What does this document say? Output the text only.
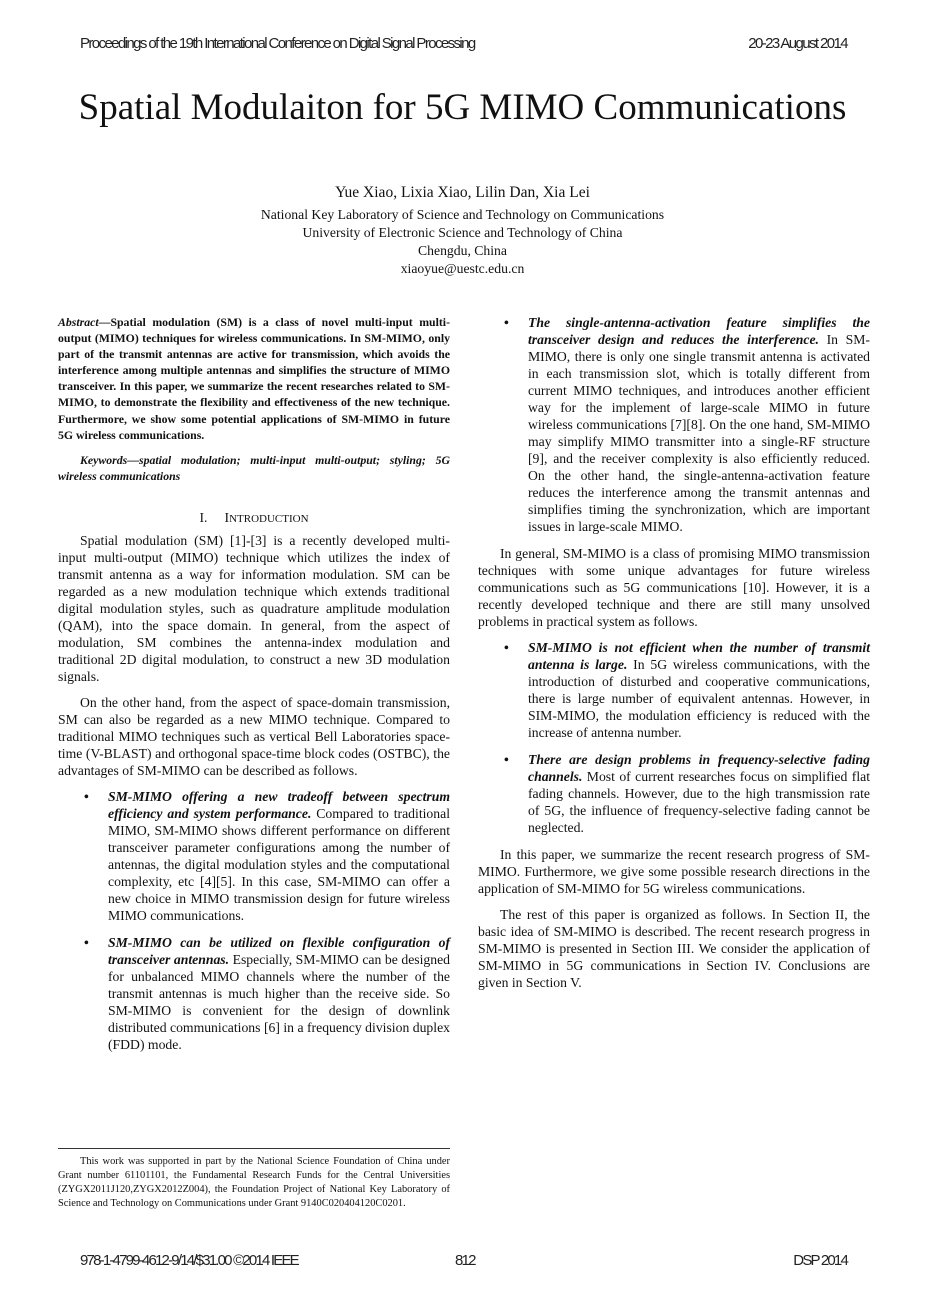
Proceedings of the 19th International Conference on Digital Signal Processing	20-23 August 2014
Spatial Modulaiton for 5G MIMO Communications
Yue Xiao, Lixia Xiao, Lilin Dan, Xia Lei
National Key Laboratory of Science and Technology on Communications
University of Electronic Science and Technology of China
Chengdu, China
xiaoyue@uestc.edu.cn

Abstract—Spatial modulation (SM) is a class of novel multi-input multi-output (MIMO) techniques for wireless communications. In SM-MIMO, only part of the transmit antennas are active for transmission, which avoids the interference among multiple antennas and simplifies the structure of MIMO transceiver. In this paper, we summarize the recent researches related to SM-MIMO, to demonstrate the flexibility and effectiveness of the new technique. Furthermore, we show some potential applications of SM-MIMO in future 5G wireless communications.

Keywords—spatial modulation; multi-input multi-output; styling; 5G wireless communications

I. INTRODUCTION

Spatial modulation (SM) [1]-[3] is a recently developed multi-input multi-output (MIMO) technique which utilizes the index of transmit antenna as a way for information modulation. SM can be regarded as a new modulation technique which extends traditional digital modulation styles, such as quadrature amplitude modulation (QAM), into the space domain. In general, from the aspect of modulation, SM combines the antenna-index modulation and traditional 2D digital modulation, to construct a new 3D modulation signals.

On the other hand, from the aspect of space-domain transmission, SM can also be regarded as a new MIMO technique. Compared to traditional MIMO techniques such as vertical Bell Laboratories space-time (V-BLAST) and orthogonal space-time block codes (OSTBC), the advantages of SM-MIMO can be described as follows.

• SM-MIMO offering a new tradeoff between spectrum efficiency and system performance. Compared to traditional MIMO, SM-MIMO shows different performance on different transceiver parameter configurations among the number of antennas, the digital modulation styles and the computational complexity, etc [4][5]. In this case, SM-MIMO can offer a new choice in MIMO transmission design for future wireless MIMO communications.

• SM-MIMO can be utilized on flexible configuration of transceiver antennas. Especially, SM-MIMO can be designed for unbalanced MIMO channels where the number of the transmit antennas is much higher than the receive side. So SM-MIMO is convenient for the design of downlink distributed communications [6] in a frequency division duplex (FDD) mode.

• The single-antenna-activation feature simplifies the transceiver design and reduces the interference. In SM-MIMO, there is only one single transmit antenna is activated in each transmission slot, which is totally different from current MIMO techniques, and introduces another efficient way for the implement of large-scale MIMO in future wireless communications [7][8]. On the one hand, SM-MIMO may simplify MIMO transmitter into a single-RF structure [9], and the receiver complexity is also efficiently reduced. On the other hand, the single-antenna-activation feature reduces the interference among the transmit antennas and simplifies timing the synchronization, which are important issues in large-scale MIMO.

In general, SM-MIMO is a class of promising MIMO transmission techniques with some unique advantages for future wireless communications such as 5G communications [10]. However, it is a recently developed technique and there are still many unsolved problems in practical system as follows.

• SM-MIMO is not efficient when the number of transmit antenna is large. In 5G wireless communications, with the introduction of disturbed and cooperative communications, there is large number of equivalent antennas. However, in SIM-MIMO, the modulation efficiency is reduced with the increase of antenna number.

• There are design problems in frequency-selective fading channels. Most of current researches focus on simplified flat fading channels. However, due to the high transmission rate of 5G, the influence of frequency-selective fading cannot be neglected.

In this paper, we summarize the recent research progress of SM-MIMO. Furthermore, we give some possible research directions in the application of SM-MIMO for 5G wireless communications.

The rest of this paper is organized as follows. In Section II, the basic idea of SM-MIMO is described. The recent research progress in SM-MIMO is presented in Section III. We consider the application of SM-MIMO in 5G communications in Section IV. Conclusions are given in Section V.

This work was supported in part by the National Science Foundation of China under Grant number 61101101, the Fundamental Research Funds for the Central Universities (ZYGX2011J120,ZYGX2012Z004), the Foundation Project of National Key Laboratory of Science and Technology on Communications under Grant 9140C020404120C0201.
978-1-4799-4612-9/14/$31.00 ©2014 IEEE	812	DSP 2014
